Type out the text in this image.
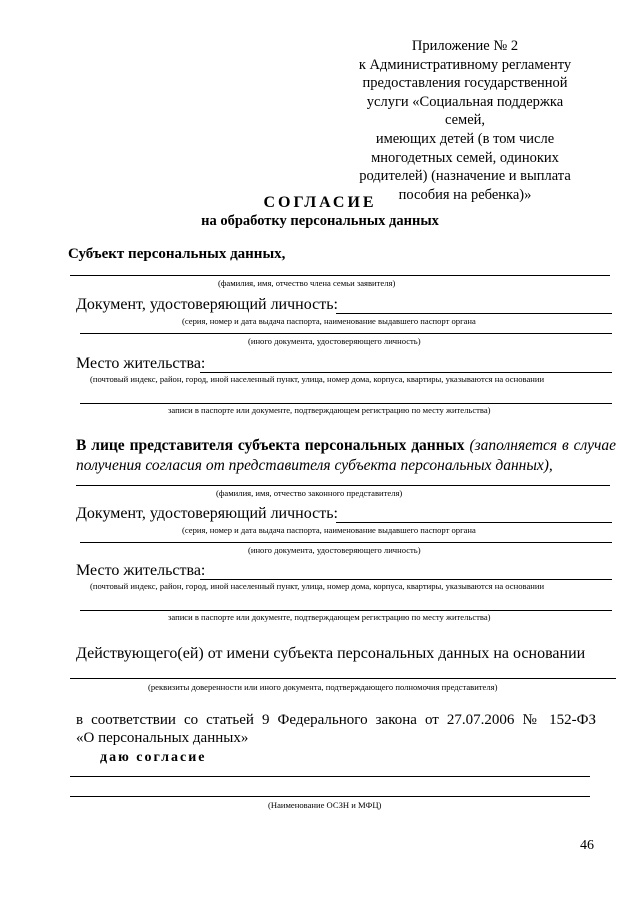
Приложение № 2
к Административному регламенту
предоставления государственной
услуги «Социальная поддержка семей,
имеющих детей (в том числе
многодетных семей, одиноких
родителей) (назначение и выплата
пособия на ребенка)»
СОГЛАСИЕ
на обработку персональных данных
Субъект персональных данных,
(фамилия, имя, отчество члена семьи заявителя)
Документ, удостоверяющий личность:
(серия, номер и дата выдача паспорта, наименование выдавшего паспорт органа
(иного документа, удостоверяющего личность)
Место жительства:
(почтовый индекс, район, город, иной населенный пункт, улица, номер дома, корпуса, квартиры, указываются на основании
записи в паспорте или документе, подтверждающем регистрацию по месту жительства)
В лице представителя субъекта персональных данных (заполняется в случае получения согласия от представителя субъекта персональных данных),
(фамилия, имя, отчество законного представителя)
Документ, удостоверяющий личность:
(серия, номер и дата выдача паспорта, наименование выдавшего паспорт органа
(иного документа, удостоверяющего личность)
Место жительства:
(почтовый индекс, район, город, иной населенный пункт, улица, номер дома, корпуса, квартиры, указываются на основании
записи в паспорте или документе, подтверждающем регистрацию по месту жительства)
Действующего(ей) от имени субъекта персональных данных на основании
(реквизиты доверенности или иного документа, подтверждающего полномочия представителя)
в соответствии со статьей 9 Федерального закона от 27.07.2006 № 152-ФЗ
«О персональных данных»
даю согласие
(Наименование ОСЗН и МФЦ)
46
